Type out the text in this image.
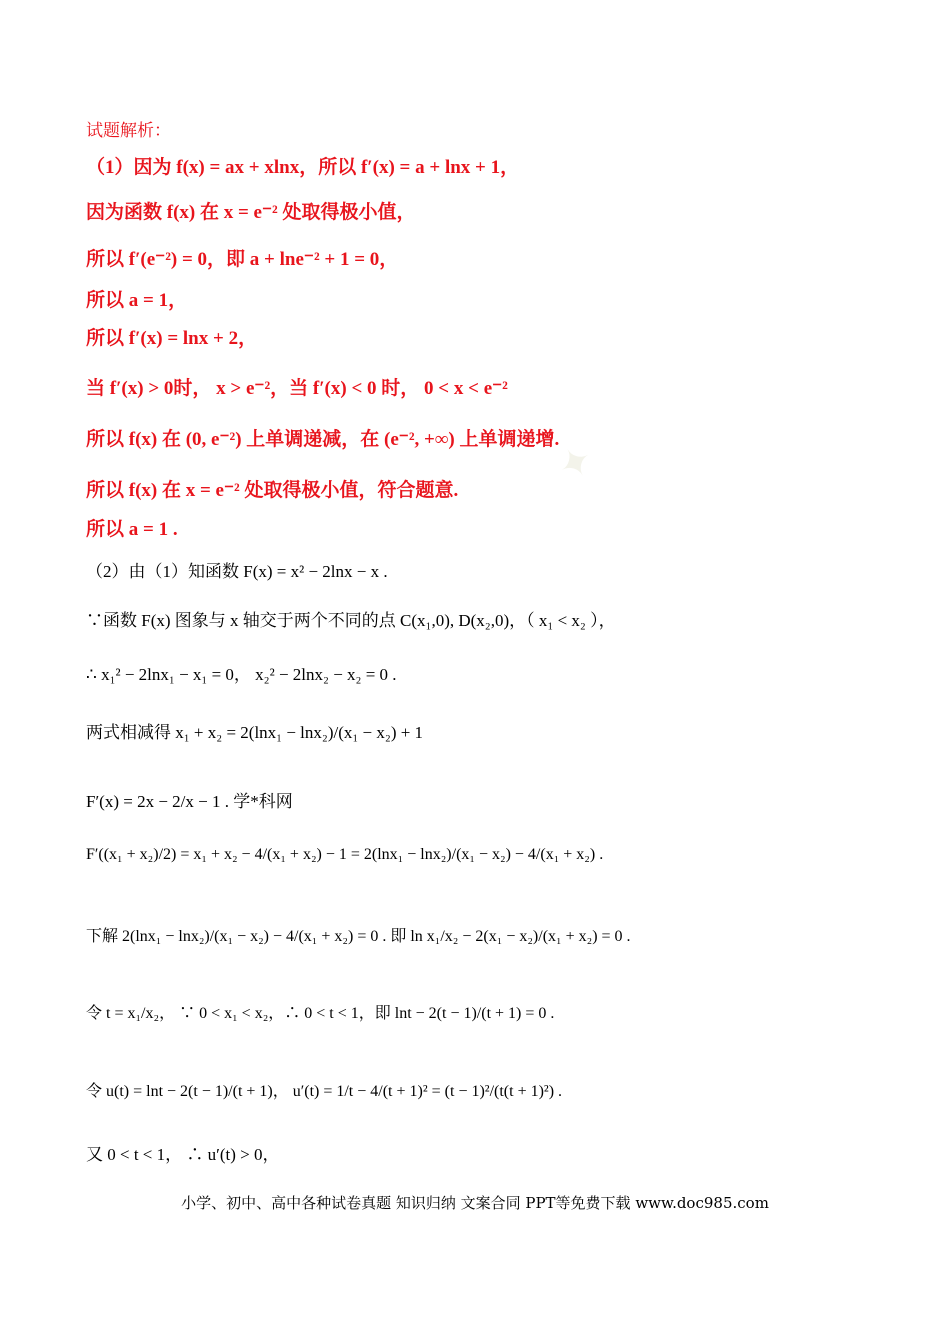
✦
试题解析：
（1）因为 f(x) = ax + xlnx，所以 f′(x) = a + lnx + 1，
因为函数 f(x) 在 x = e⁻² 处取得极小值，
所以 f′(e⁻²) = 0，即 a + lne⁻² + 1 = 0，
所以 a = 1，
所以 f′(x) = lnx + 2，
当 f′(x) > 0时， x > e⁻²，当 f′(x) < 0 时， 0 < x < e⁻²
所以 f(x) 在 (0, e⁻²) 上单调递减，在 (e⁻², +∞) 上单调递增.
所以 f(x) 在 x = e⁻² 处取得极小值，符合题意.
所以 a = 1 .
（2）由（1）知函数 F(x) = x² − 2lnx − x .
∵函数 F(x) 图象与 x 轴交于两个不同的点 C(x₁,0), D(x₂,0)，（ x₁ < x₂ ），
∴ x₁² − 2lnx₁ − x₁ = 0， x₂² − 2lnx₂ − x₂ = 0 .
两式相减得 x₁ + x₂ = 2(lnx₁ − lnx₂)/(x₁ − x₂) + 1
F′(x) = 2x − 2/x − 1 . 学*科网
F′((x₁ + x₂)/2) = x₁ + x₂ − 4/(x₁ + x₂) − 1 = 2(lnx₁ − lnx₂)/(x₁ − x₂) − 4/(x₁ + x₂) .
下解 2(lnx₁ − lnx₂)/(x₁ − x₂) − 4/(x₁ + x₂) = 0 . 即 ln x₁/x₂ − 2(x₁ − x₂)/(x₁ + x₂) = 0 .
令 t = x₁/x₂， ∵ 0 < x₁ < x₂，∴ 0 < t < 1，即 lnt − 2(t − 1)/(t + 1) = 0 .
令 u(t) = lnt − 2(t − 1)/(t + 1)， u′(t) = 1/t − 4/(t + 1)² = (t − 1)²/(t(t + 1)²) .
又 0 < t < 1， ∴ u′(t) > 0，
小学、初中、高中各种试卷真题 知识归纳 文案合同 PPT等免费下载 www.doc985.com
